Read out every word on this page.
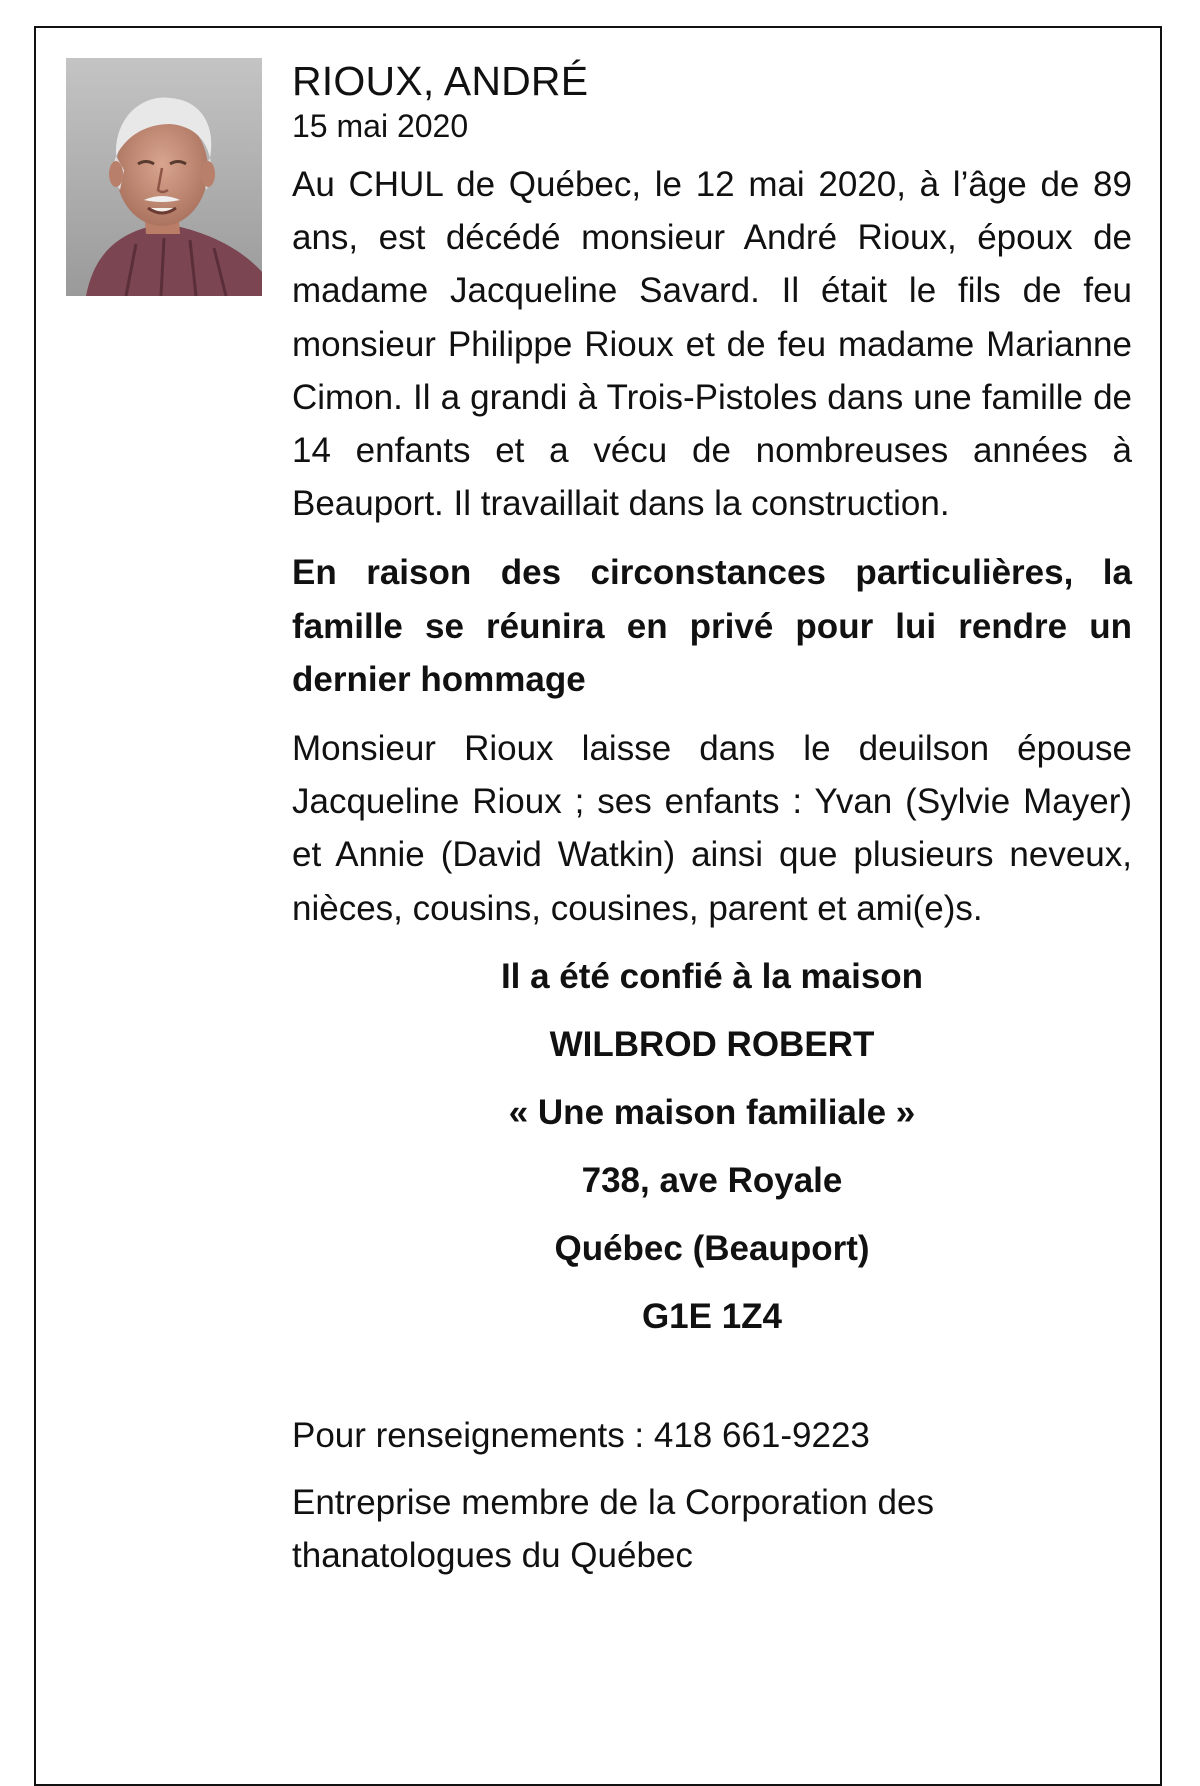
RIOUX, ANDRÉ

15 mai 2020

Au CHUL de Québec, le 12 mai 2020, à l’âge de 89 ans, est décédé monsieur André Rioux, époux de madame Jacqueline Savard. Il était le fils de feu monsieur Philippe Rioux et de feu madame Marianne Cimon. Il a grandi à Trois-Pistoles dans une famille de 14 enfants et a vécu de nombreuses années à Beauport. Il travaillait dans la construction.

En raison des circonstances particulières, la famille se réunira en privé pour lui rendre un dernier hommage

Monsieur Rioux laisse dans le deuilson épouse Jacqueline Rioux ; ses enfants : Yvan (Sylvie Mayer) et Annie (David Watkin) ainsi que plusieurs neveux, nièces, cousins, cousines, parent et ami(e)s.

Il a été confié à la maison

WILBROD ROBERT

« Une maison familiale »

738, ave Royale

Québec (Beauport)

G1E 1Z4

Pour renseignements : 418 661-9223

Entreprise membre de la Corporation des thanatologues du Québec
